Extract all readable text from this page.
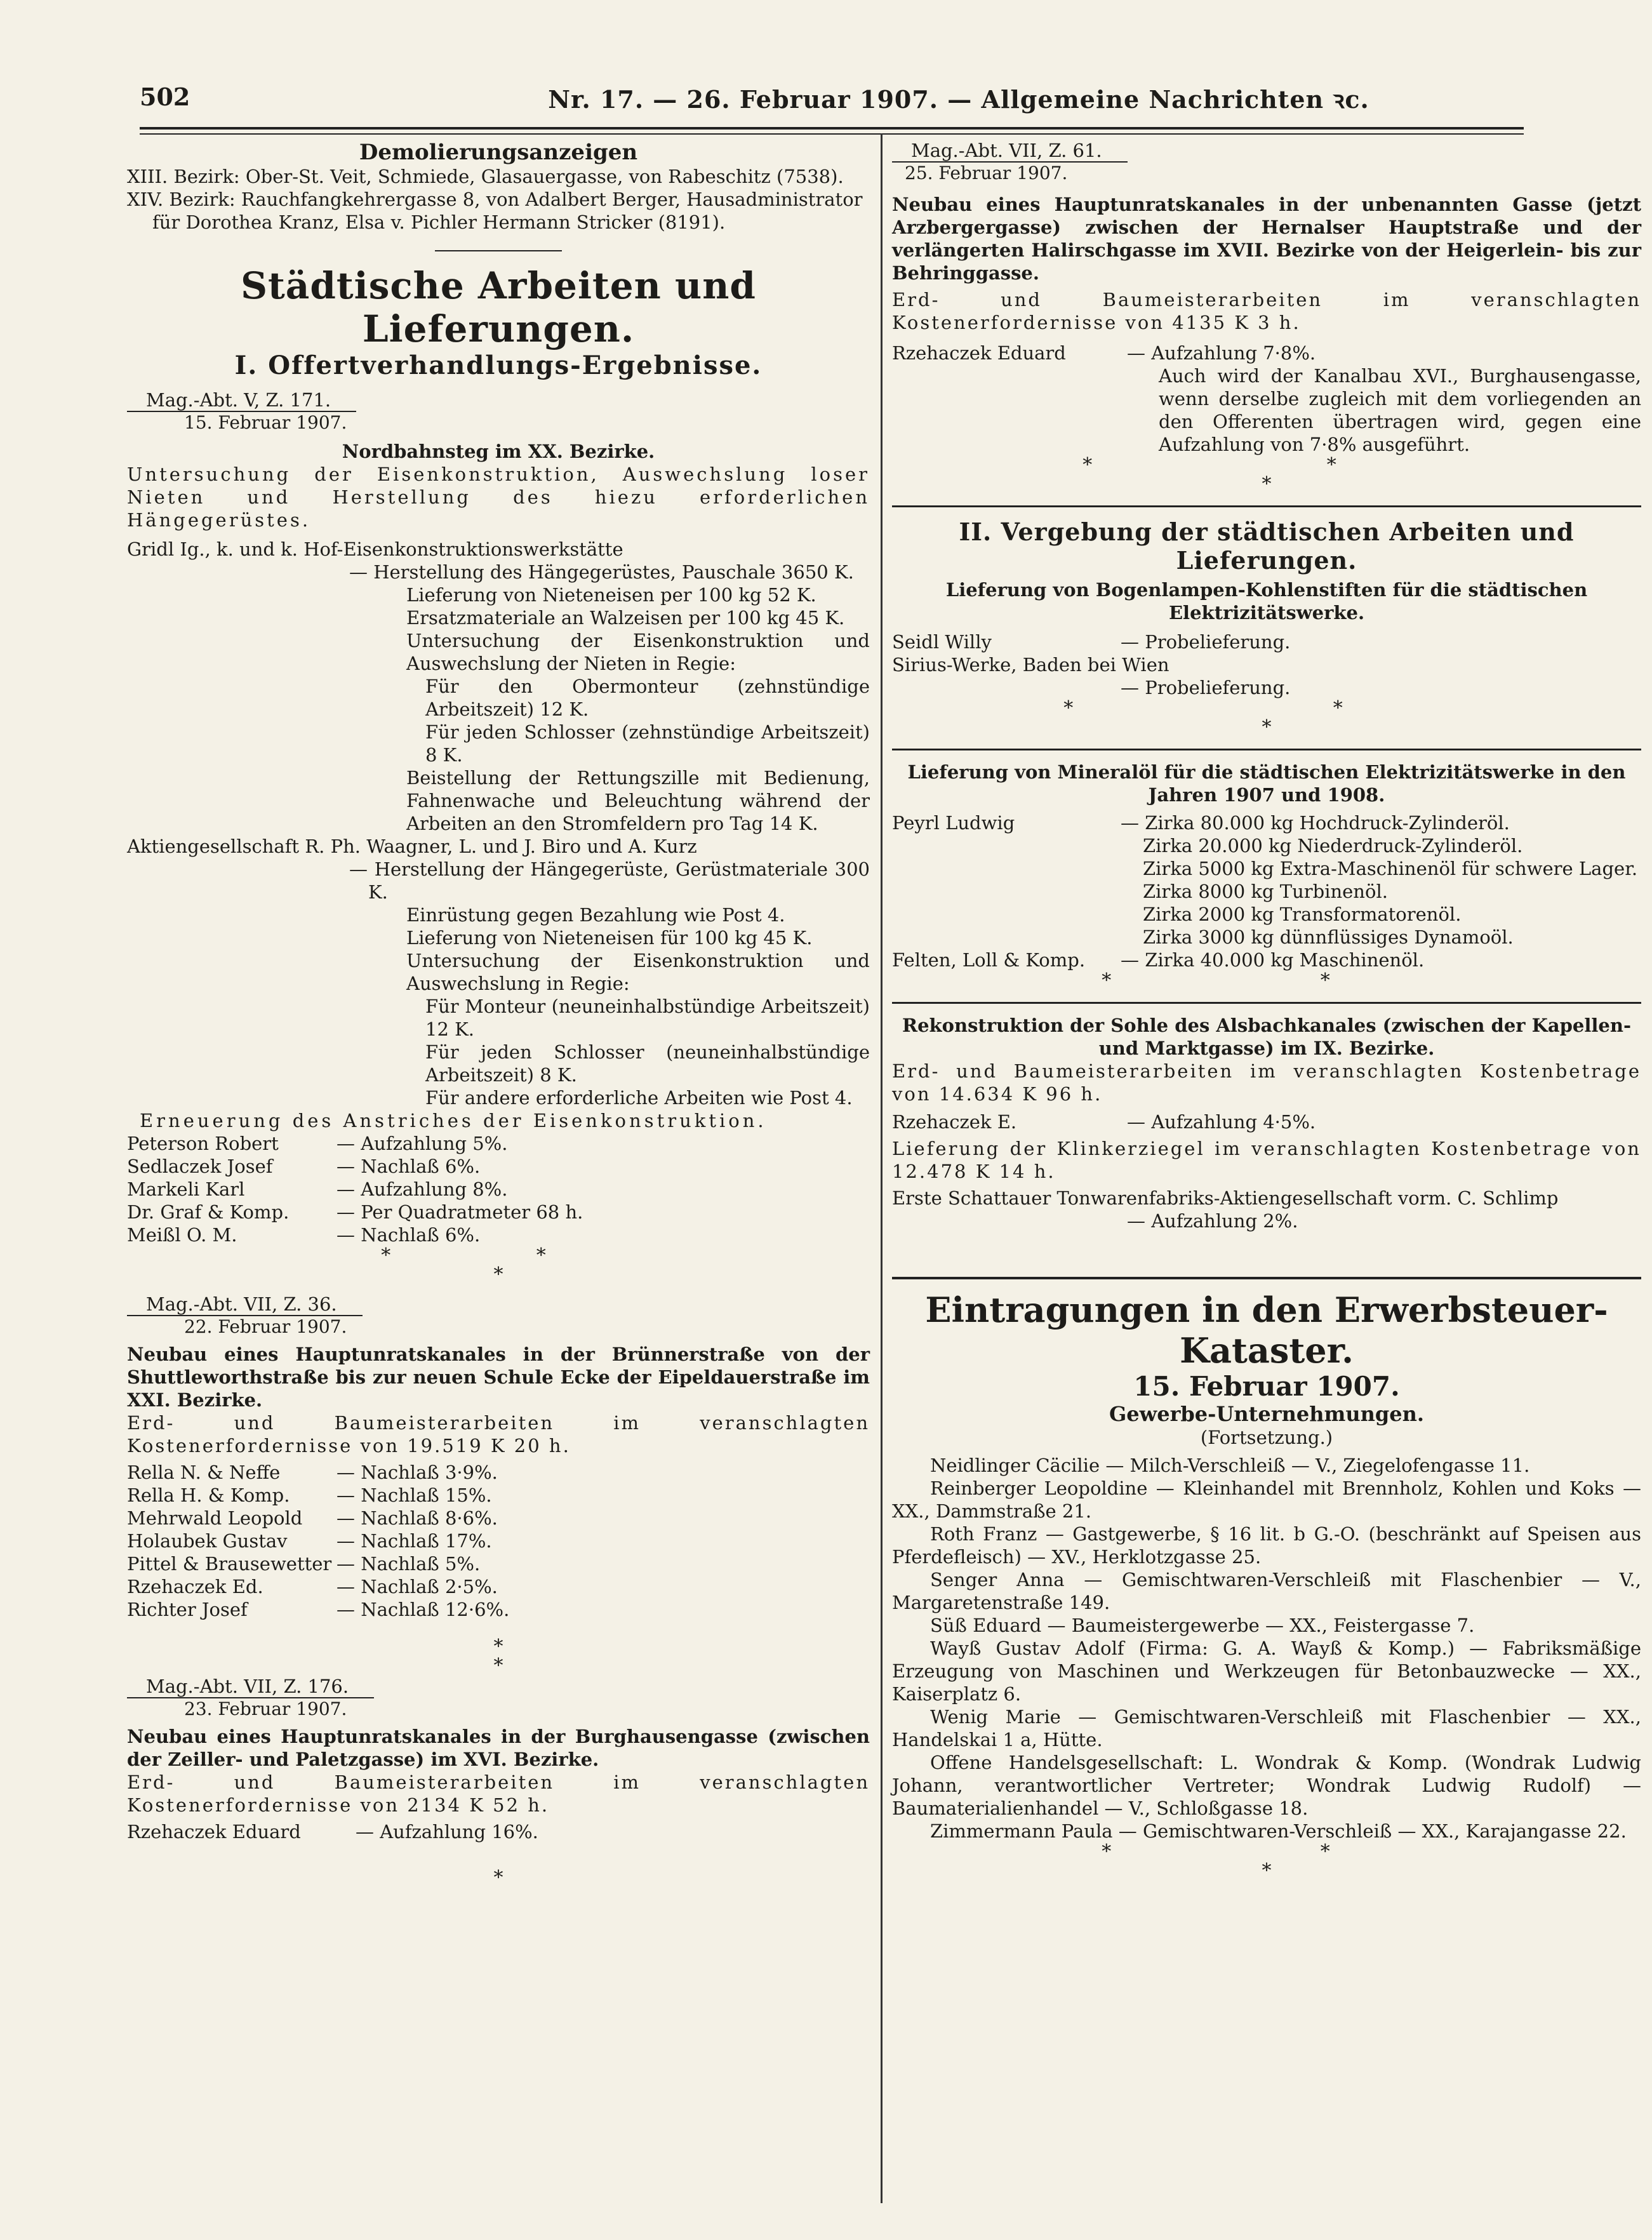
502	Nr. 17. — 26. Februar 1907. — Allgemeine Nachrichten ꝛc.

Demolierungsanzeigen

XIII. Bezirk: Ober-St. Veit, Schmiede, Glasauergasse, von Rabeschitz (7538).

XIV. Bezirk: Rauchfangkehrergasse 8, von Adalbert Berger, Hausadministrator für Dorothea Kranz, Elsa v. Pichler Hermann Stricker (8191).

Städtische Arbeiten und Lieferungen.

I. Offertverhandlungs-Ergebnisse.

Mag.-Abt. V, Z. 171.

15. Februar 1907.

Nordbahnsteg im XX. Bezirke.

Untersuchung der Eisenkonstruktion, Auswechslung loser Nieten und Herstellung des hiezu erforderlichen Hängegerüstes.

Gridl Ig., k. und k. Hof-Eisenkonstruktionswerkstätte

— Herstellung des Hängegerüstes, Pauschale 3650 K.

Lieferung von Nieteneisen per 100 kg 52 K.

Ersatzmateriale an Walzeisen per 100 kg 45 K.

Untersuchung der Eisenkonstruktion und Auswechslung der Nieten in Regie:

Für den Obermonteur (zehnstündige Arbeitszeit) 12 K.

Für jeden Schlosser (zehnstündige Arbeitszeit) 8 K.

Beistellung der Rettungszille mit Bedienung, Fahnenwache und Beleuchtung während der Arbeiten an den Stromfeldern pro Tag 14 K.

Aktiengesellschaft R. Ph. Waagner, L. und J. Biro und A. Kurz

— Herstellung der Hängegerüste, Gerüstmateriale 300 K.

Einrüstung gegen Bezahlung wie Post 4.

Lieferung von Nieteneisen für 100 kg 45 K.

Untersuchung der Eisenkonstruktion und Auswechslung in Regie:

Für Monteur (neuneinhalbstündige Arbeitszeit) 12 K.

Für jeden Schlosser (neuneinhalbstündige Arbeitszeit) 8 K.

Für andere erforderliche Arbeiten wie Post 4.

Erneuerung des Anstriches der Eisenkonstruktion.

Peterson Robert	— Aufzahlung 5%.
Sedlaczek Josef	— Nachlaß 6%.
Markeli Karl	— Aufzahlung 8%.
Dr. Graf & Komp.	— Per Quadratmeter 68 h.
Meißl O. M.	— Nachlaß 6%.

* *

*

Mag.-Abt. VII, Z. 36.

22. Februar 1907.

Neubau eines Hauptunratskanales in der Brünnerstraße von der Shuttleworthstraße bis zur neuen Schule Ecke der Eipeldauerstraße im XXI. Bezirke.

Erd- und Baumeisterarbeiten im veranschlagten Kostenerfordernisse von 19.519 K 20 h.

Rella N. & Neffe	— Nachlaß 3·9%.
Rella H. & Komp.	— Nachlaß 15%.
Mehrwald Leopold	— Nachlaß 8·6%.
Holaubek Gustav	— Nachlaß 17%.
Pittel & Brausewetter — Nachlaß 5%.
Rzehaczek Ed.	— Nachlaß 2·5%.
Richter Josef	— Nachlaß 12·6%.

*

*

Mag.-Abt. VII, Z. 176.

23. Februar 1907.

Neubau eines Hauptunratskanales in der Burghausengasse (zwischen der Zeiller- und Paletzgasse) im XVI. Bezirke.

Erd- und Baumeisterarbeiten im veranschlagten Kostenerfordernisse von 2134 K 52 h.

Rzehaczek Eduard	— Aufzahlung 16%.

*

Mag.-Abt. VII, Z. 61.

25. Februar 1907.

Neubau eines Hauptunratskanales in der unbenannten Gasse (jetzt Arzbergergasse) zwischen der Hernalser Hauptstraße und der verlängerten Halirschgasse im XVII. Bezirke von der Heigerlein- bis zur Behringgasse.

Erd- und Baumeisterarbeiten im veranschlagten Kostenerfordernisse von 4135 K 3 h.

Rzehaczek Eduard	— Aufzahlung 7·8%.

Auch wird der Kanalbau XVI., Burghausengasse, wenn derselbe zugleich mit dem vorliegenden an den Offerenten übertragen wird, gegen eine Aufzahlung von 7·8% ausgeführt.

* *

*

II. Vergebung der städtischen Arbeiten und Lieferungen.

Lieferung von Bogenlampen-Kohlenstiften für die städtischen Elektrizitätswerke.

Seidl Willy	— Probelieferung.

Sirius-Werke, Baden bei Wien

— Probelieferung.

* *

*

Lieferung von Mineralöl für die städtischen Elektrizitätswerke in den Jahren 1907 und 1908.

Peyrl Ludwig	— Zirka 80.000 kg Hochdruck-Zylinderöl.

Zirka 20.000 kg Niederdruck-Zylinderöl.

Zirka 5000 kg Extra-Maschinenöl für schwere Lager.

Zirka 8000 kg Turbinenöl.

Zirka 2000 kg Transformatorenöl.

Zirka 3000 kg dünnflüssiges Dynamoöl.

Felten, Loll & Komp.	— Zirka 40.000 kg Maschinenöl.

* *

Rekonstruktion der Sohle des Alsbachkanales (zwischen der Kapellen- und Marktgasse) im IX. Bezirke.

Erd- und Baumeisterarbeiten im veranschlagten Kostenbetrage von 14.634 K 96 h.

Rzehaczek E.	— Aufzahlung 4·5%.

Lieferung der Klinkerziegel im veranschlagten Kostenbetrage von 12.478 K 14 h.

Erste Schattauer Tonwarenfabriks-Aktiengesellschaft vorm. C. Schlimp

— Aufzahlung 2%.

Eintragungen in den Erwerbsteuer-Kataster.

15. Februar 1907.

Gewerbe-Unternehmungen.

(Fortsetzung.)

Neidlinger Cäcilie — Milch-Verschleiß — V., Ziegelofengasse 11.

Reinberger Leopoldine — Kleinhandel mit Brennholz, Kohlen und Koks — XX., Dammstraße 21.

Roth Franz — Gastgewerbe, § 16 lit. b G.-O. (beschränkt auf Speisen aus Pferdefleisch) — XV., Herklotzgasse 25.

Senger Anna — Gemischtwaren-Verschleiß mit Flaschenbier — V., Margaretenstraße 149.

Süß Eduard — Baumeistergewerbe — XX., Feistergasse 7.

Wayß Gustav Adolf (Firma: G. A. Wayß & Komp.) — Fabriksmäßige Erzeugung von Maschinen und Werkzeugen für Betonbauzwecke — XX., Kaiserplatz 6.

Wenig Marie — Gemischtwaren-Verschleiß mit Flaschenbier — XX., Handelskai 1 a, Hütte.

Offene Handelsgesellschaft: L. Wondrak & Komp. (Wondrak Ludwig Johann, verantwortlicher Vertreter; Wondrak Ludwig Rudolf) — Baumaterialienhandel — V., Schloßgasse 18.

Zimmermann Paula — Gemischtwaren-Verschleiß — XX., Karajangasse 22.

* *

*
